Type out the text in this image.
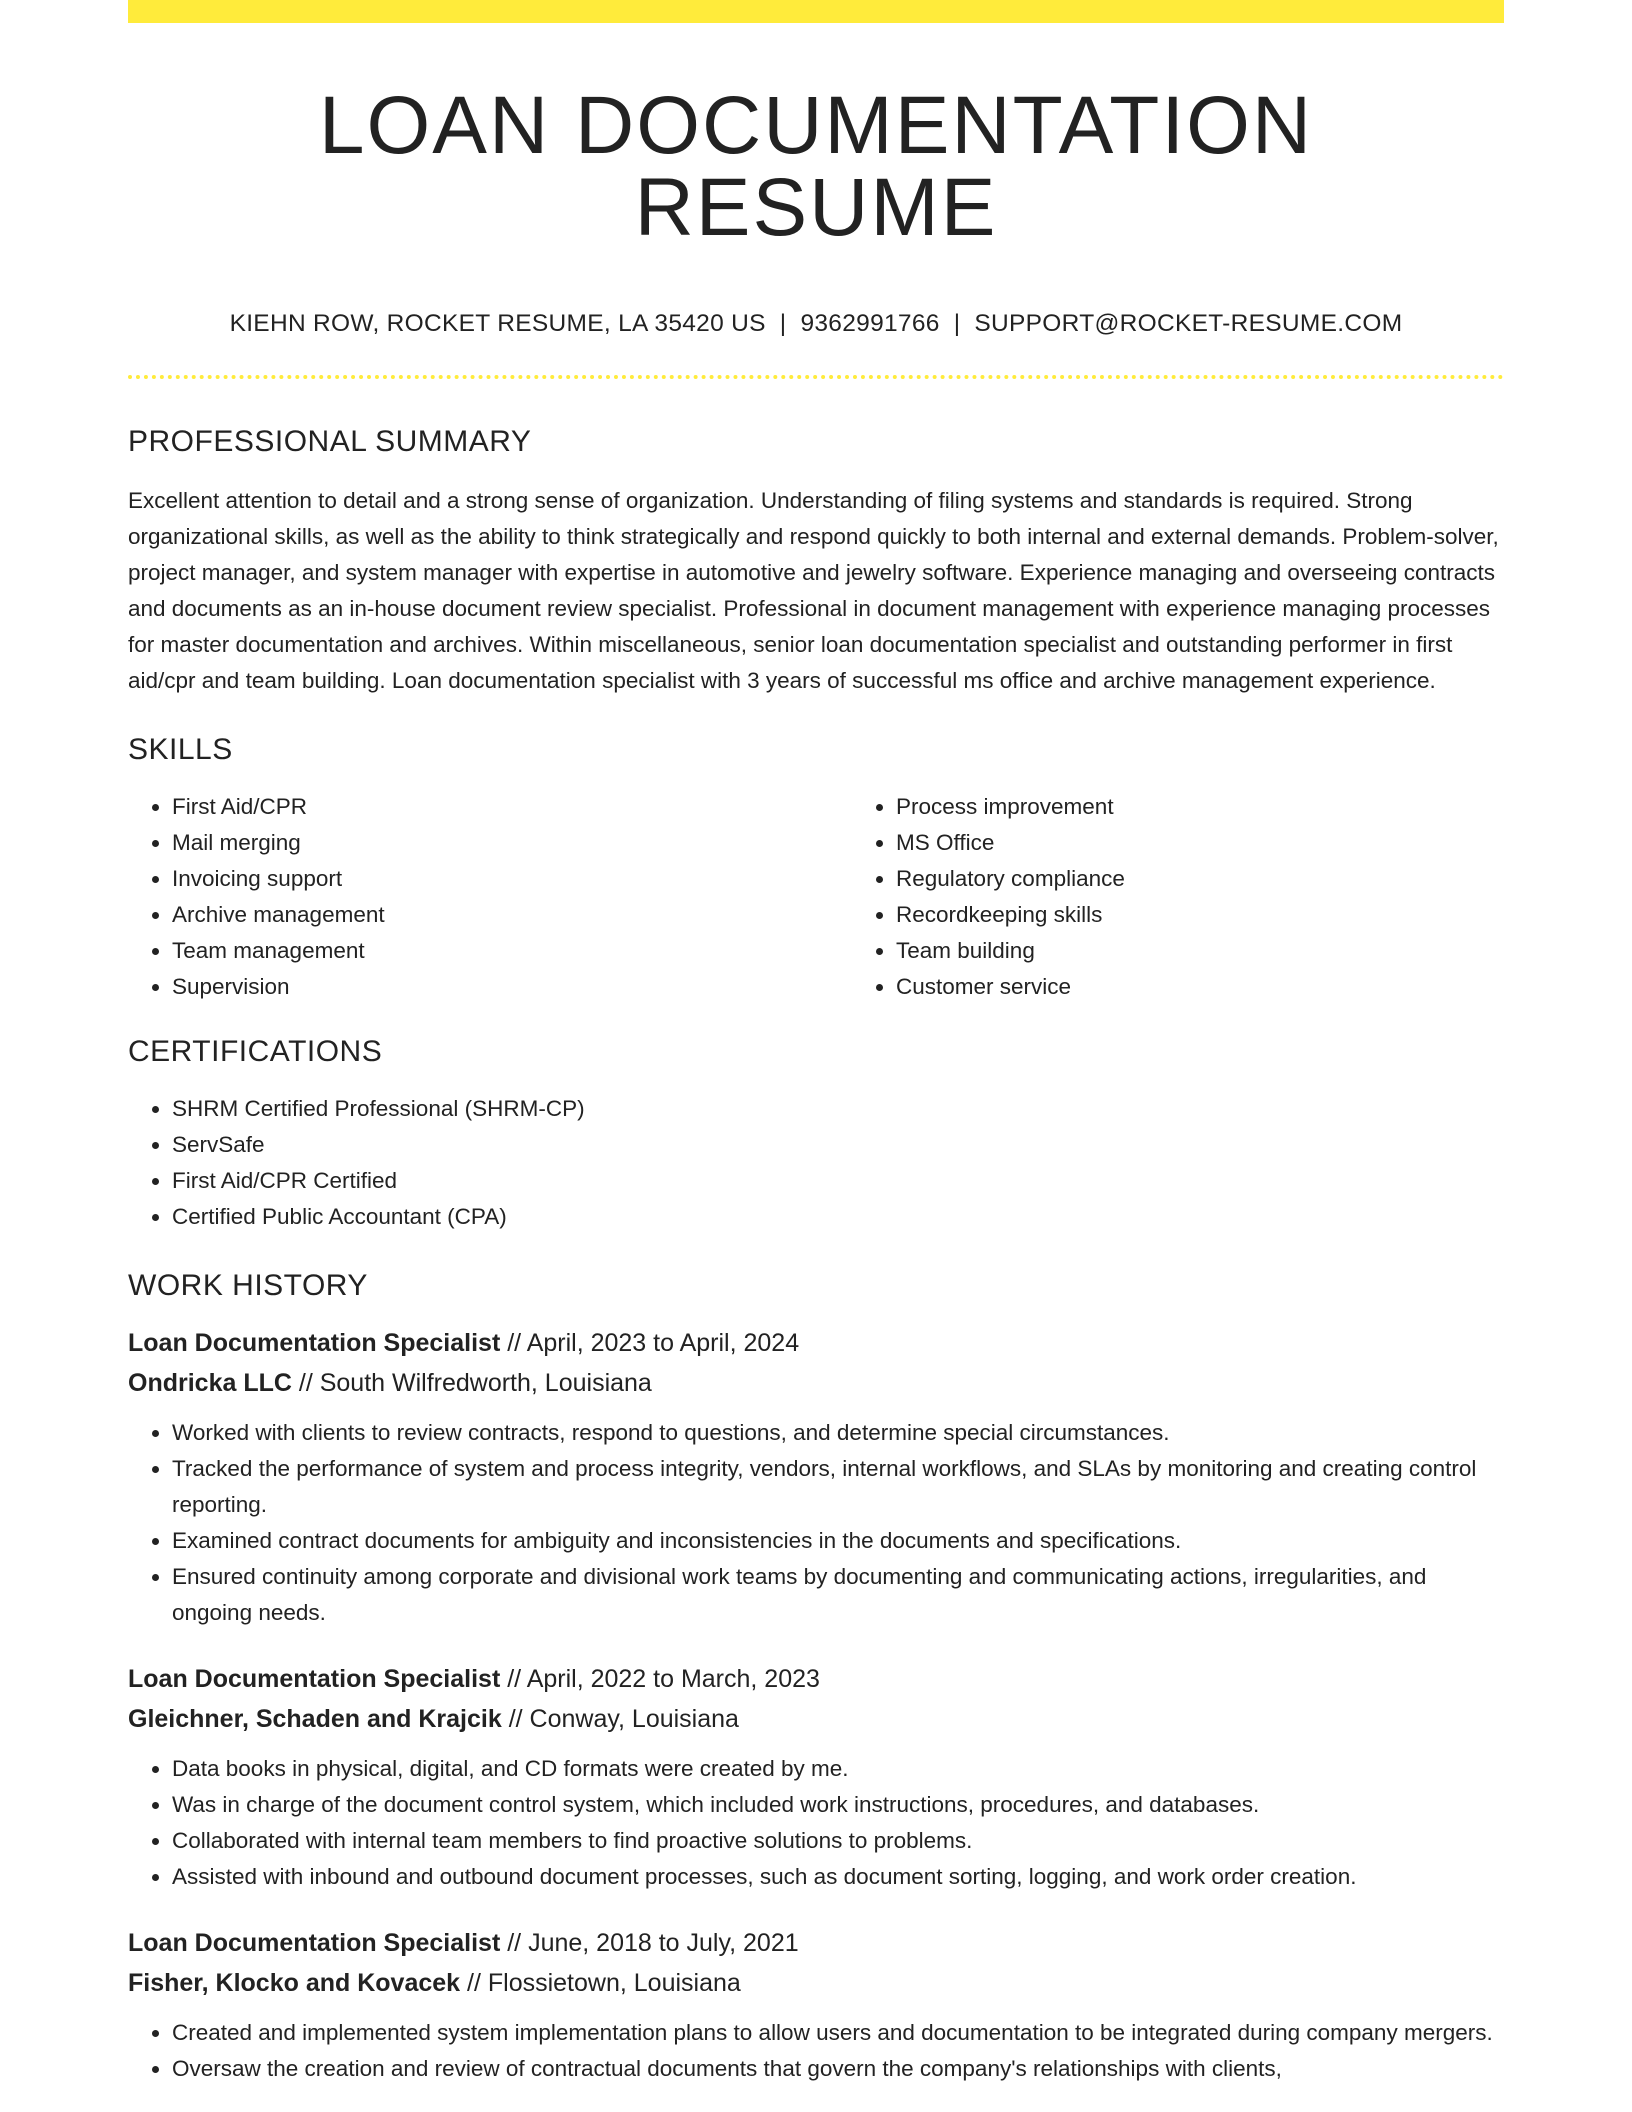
LOAN DOCUMENTATION RESUME
KIEHN ROW, ROCKET RESUME, LA 35420 US | 9362991766 | SUPPORT@ROCKET-RESUME.COM
PROFESSIONAL SUMMARY

Excellent attention to detail and a strong sense of organization. Understanding of filing systems and standards is required. Strong organizational skills, as well as the ability to think strategically and respond quickly to both internal and external demands. Problem-solver, project manager, and system manager with expertise in automotive and jewelry software. Experience managing and overseeing contracts and documents as an in-house document review specialist. Professional in document management with experience managing processes for master documentation and archives. Within miscellaneous, senior loan documentation specialist and outstanding performer in first aid/cpr and team building. Loan documentation specialist with 3 years of successful ms office and archive management experience.

SKILLS
• First Aid/CPR
• Mail merging
• Invoicing support
• Archive management
• Team management
• Supervision
• Process improvement
• MS Office
• Regulatory compliance
• Recordkeeping skills
• Team building
• Customer service
CERTIFICATIONS
• SHRM Certified Professional (SHRM-CP)
• ServSafe
• First Aid/CPR Certified
• Certified Public Accountant (CPA)
WORK HISTORY
Loan Documentation Specialist // April, 2023 to April, 2024
Ondricka LLC // South Wilfredworth, Louisiana
• Worked with clients to review contracts, respond to questions, and determine special circumstances.
• Tracked the performance of system and process integrity, vendors, internal workflows, and SLAs by monitoring and creating control reporting.
• Examined contract documents for ambiguity and inconsistencies in the documents and specifications.
• Ensured continuity among corporate and divisional work teams by documenting and communicating actions, irregularities, and ongoing needs.
Loan Documentation Specialist // April, 2022 to March, 2023
Gleichner, Schaden and Krajcik // Conway, Louisiana
• Data books in physical, digital, and CD formats were created by me.
• Was in charge of the document control system, which included work instructions, procedures, and databases.
• Collaborated with internal team members to find proactive solutions to problems.
• Assisted with inbound and outbound document processes, such as document sorting, logging, and work order creation.
Loan Documentation Specialist // June, 2018 to July, 2021
Fisher, Klocko and Kovacek // Flossietown, Louisiana
• Created and implemented system implementation plans to allow users and documentation to be integrated during company mergers.
• Oversaw the creation and review of contractual documents that govern the company's relationships with clients,
